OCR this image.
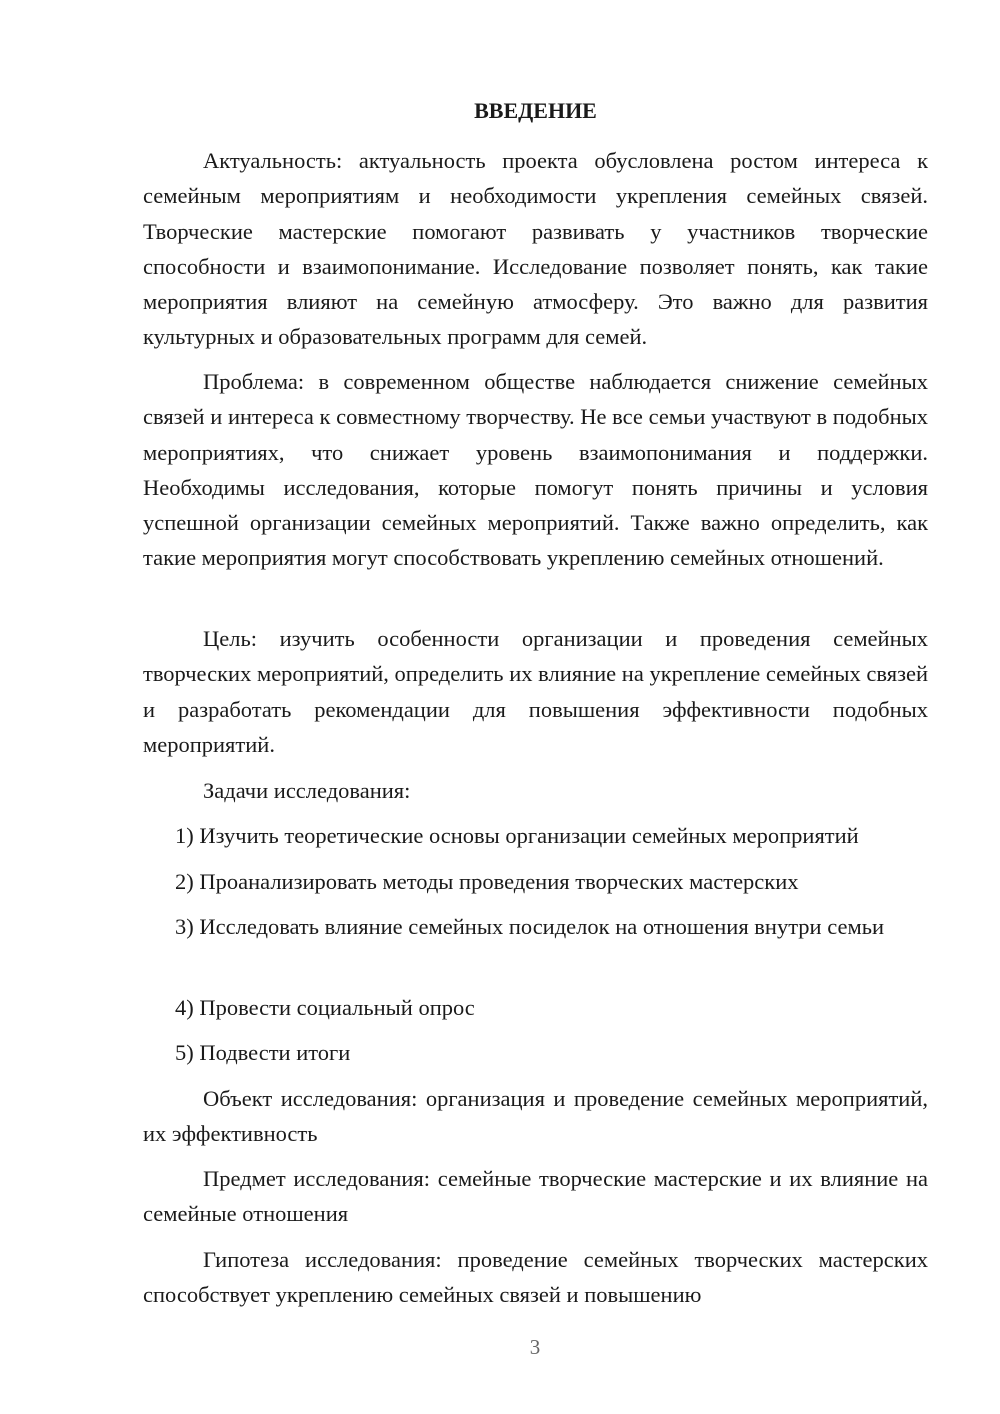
ВВЕДЕНИЕ

Актуальность: актуальность проекта обусловлена ростом интереса к семейным мероприятиям и необходимости укрепления семейных связей. Творческие мастерские помогают развивать у участников творческие способности и взаимопонимание. Исследование позволяет понять, как такие мероприятия влияют на семейную атмосферу. Это важно для развития культурных и образовательных программ для семей.

Проблема: в современном обществе наблюдается снижение семейных связей и интереса к совместному творчеству. Не все семьи участвуют в подобных мероприятиях, что снижает уровень взаимопонимания и поддержки. Необходимы исследования, которые помогут понять причины и условия успешной организации семейных мероприятий. Также важно определить, как такие мероприятия могут способствовать укреплению семейных отношений.

Цель: изучить особенности организации и проведения семейных творческих мероприятий, определить их влияние на укрепление семейных связей и разработать рекомендации для повышения эффективности подобных мероприятий.

Задачи исследования:

1) Изучить теоретические основы организации семейных мероприятий

2) Проанализировать методы проведения творческих мастерских

3) Исследовать влияние семейных посиделок на отношения внутри семьи

4) Провести социальный опрос

5) Подвести итоги

Объект исследования: организация и проведение семейных мероприятий, их эффективность

Предмет исследования: семейные творческие мастерские и их влияние на семейные отношения

Гипотеза исследования: проведение семейных творческих мастерских способствует укреплению семейных связей и повышению

3
